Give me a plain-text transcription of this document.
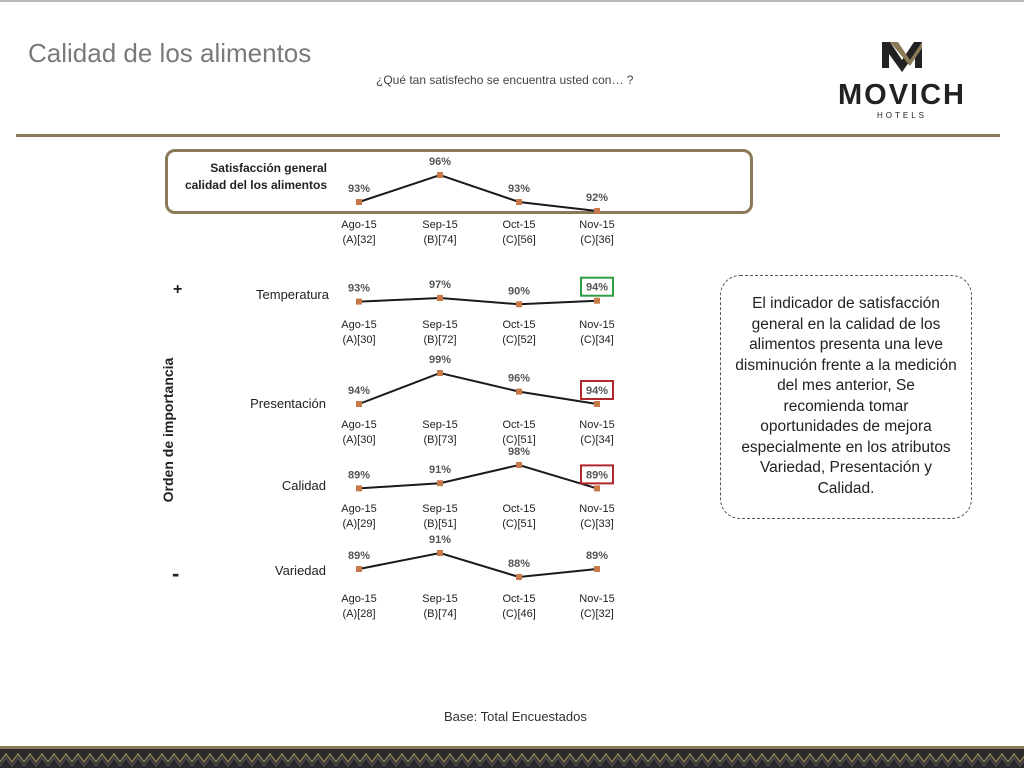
Calidad de los alimentos
¿Qué tan satisfecho se encuentra usted con… ?	MOVICH
HOTELS
+
-
Orden de importancia
Satisfacción general
calidad del los alimentos 93%
96%
93%
92%
Ago-15
(A)[32]
Sep-15
(B)[74]
Oct-15
(C)[56]
Nov-15
(C)[36]
Temperatura 93%	97%
90%	94%
Ago-15
(A)[30]
Sep-15
(B)[72]
Oct-15
(C)[52]
Nov-15
(C)[34]
Presentación
94%
99%
96%
94%
Ago-15
(A)[30]
Sep-15
(B)[73]
Oct-15
(C)[51]
Nov-15
(C)[34]
Calidad
89%	91%
98%
89%
Ago-15
(A)[29]
Sep-15
(B)[51]
Oct-15
(C)[51]
Nov-15
(C)[33]
Variedad
89%
91%
88%
89%
Ago-15
(A)[28]
Sep-15
(B)[74]
Oct-15
(C)[46]
Nov-15
(C)[32]
El indicador de satisfacción general en la calidad de los alimentos presenta una leve disminución frente a la medición del mes anterior, Se recomienda tomar oportunidades de mejora especialmente en los atributos Variedad, Presentación y Calidad.
Base: Total Encuestados
